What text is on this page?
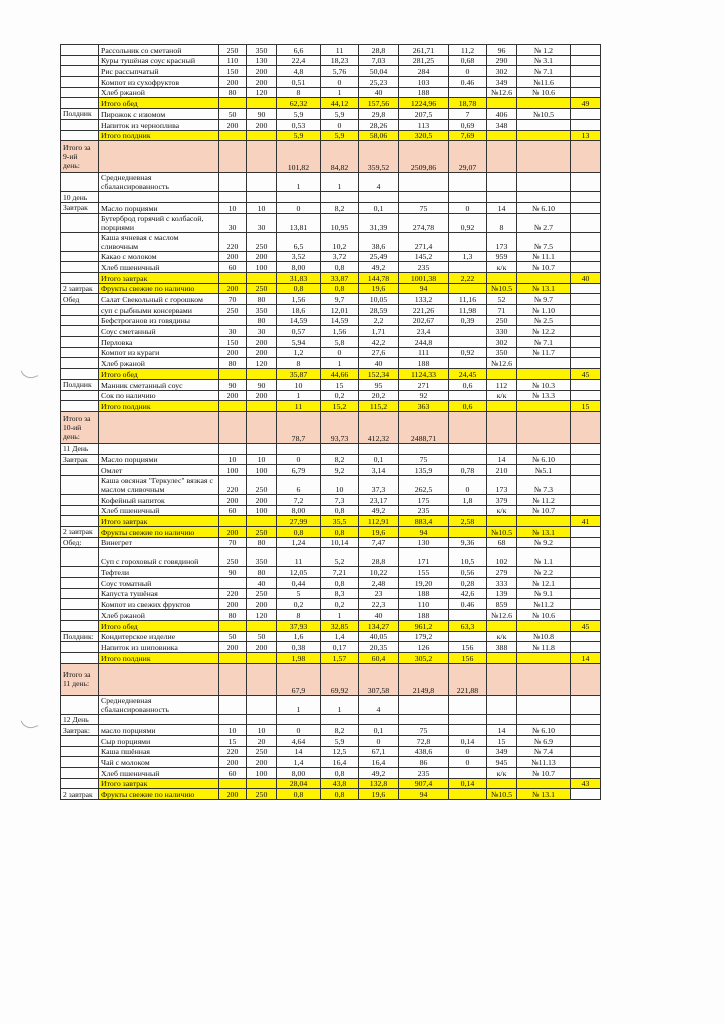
	Рассольник со сметаной	250	350	6,6	11	28,8	261,71	11,2	96	№ 1.2	
	Куры тушёная соус красный	110	130	22,4	18,23	7,03	281,25	0,68	290	№ 3.1	
	Рис рассыпчатый	150	200	4,8	5,76	50,04	284	0	302	№ 7.1	
	Компот из сухофруктов	200	200	0,51	0	25,23	103	0.46	349	№11.6	
	Хлеб ржаной	80	120	8	1	40	188		№12.6	№ 10.6	
	Итого обед			62,32	44,12	157,56	1224,96	18,78			49
Полдник	Пирожок с изюмом	50	90	5,9	5,9	29,8	207,5	7	406	№10.5	
	Напиток из черноплива	200	200	0,53	0	28,26	113	0,69	348		
	Итого полдник			5,9	5,9	58,06	320,5	7,69			13
Итого за 9-ий день:				101,82	84,82	359,52	2509,86	29,07			
	Среднедневная сбалансированность			1	1	4					
10 день											
Завтрак	Масло порциями	10	10	0	8,2	0,1	75	0	14	№ 6.10	
	Бутерброд горячий с колбасой, порциями	30	30	13,81	10,95	31,39	274,78	0,92	8	№ 2.7	
	Каша ячневая с маслом сливочным	220	250	6,5	10,2	38,6	271,4		173	№ 7.5	
	Какао с молоком	200	200	3,52	3,72	25,49	145,2	1,3	959	№ 11.1	
	Хлеб пшеничный	60	100	8,00	0,8	49,2	235		к/к	№ 10.7	
	Итого завтрак			31,83	33,87	144,78	1001,38	2,22			40
2 завтрак	Фрукты свежие по наличию	200	250	0,8	0,8	19,6	94		№10.5	№ 13.1	
Обед	Салат Свекольный с горошком	70	80	1,56	9,7	10,05	133,2	11,16	52	№ 9.7	
	суп с рыбными консервами	250	350	18,6	12,01	28,59	221,26	11,98	71	№ 1.10	
	Бефстроганов из говядины		80	14,59	14,59	2,2	202,67	0,39	250	№ 2.5	
	Соус сметанный	30	30	0,57	1,56	1,71	23,4		330	№ 12.2	
	Перловка	150	200	5,94	5,8	42,2	244,8		302	№ 7.1	
	Компот из кураги	200	200	1,2	0	27,6	111	0,92	350	№ 11.7	
	Хлеб ржаной	80	120	8	1	40	188		№12.6		
	Итого обед			35,87	44,66	152,34	1124,33	24,45			45
Полдник	Манник сметанный соус	90	90	10	15	95	271	0,6	112	№ 10.3	
	Сок по наличию	200	200	1	0,2	20,2	92		к/к	№ 13.3	
	Итого полдник			11	15,2	115,2	363	0,6			15
Итого за 10-ий день:				78,7	93,73	412,32	2488,71				
11 День											
Завтрак	Масло порциями	10	10	0	8,2	0,1	75		14	№ 6.10	
	Омлет	100	100	6,79	9,2	3,14	135,9	0,78	210	№5.1	
	Каша овсяная "Геркулес" вязкая с маслом сливочным	220	250	6	10	37,3	262,5	0	173	№ 7.3	
	Кофейный напиток	200	200	7,2	7,3	23,17	175	1,8	379	№ 11.2	
	Хлеб пшеничный	60	100	8,00	0,8	49,2	235		к/к	№ 10.7	
	Итого завтрак			27,99	35,5	112,91	883,4	2,58			41
2 завтрак	Фрукты свежие по наличию	200	250	0,8	0,8	19,6	94		№10.5	№ 13.1	
Обед:	Винегрет	70	80	1,24	10,14	7,47	130	9,36	68	№ 9.2	
	Суп с гороховый с говядиной	250	350	11	5,2	28,8	171	10,5	102	№ 1.1	
	Тефтели	90	80	12,05	7,21	10,22	155	0,56	279	№ 2.2	
	Соус томатный		40	0,44	0,8	2,48	19,20	0,28	333	№ 12.1	
	Капуста тушёная	220	250	5	8,3	23	188	42,6	139	№ 9.1	
	Компот из свежих фруктов	200	200	0,2	0,2	22,3	110	0.46	859	№11.2	
	Хлеб ржаной	80	120	8	1	40	188		№12.6	№ 10.6	
	Итого обед			37,93	32,85	134,27	961,2	63,3			45
Полдник:	Кондитерское изделие	50	50	1,6	1,4	40,05	179,2		к/к	№10.8	
	Напиток из шиповника	200	200	0,38	0,17	20,35	126	156	388	№ 11.8	
	Итого полдник			1,98	1,57	60,4	305,2	156			14
Итого за 11 день:				67,9	69,92	307,58	2149,8	221,88			
	Среднедневная сбалансированность			1	1	4					
12 День											
Завтрак:	масло порциями	10	10	0	8,2	0,1	75		14	№ 6.10	
	Сыр порциями	15	20	4,64	5,9	0	72,8	0,14	15	№ 6.9	
	Каша пшённая	220	250	14	12,5	67,1	438,6	0	349	№ 7.4	
	Чай с молоком	200	200	1,4	16,4	16,4	86	0	945	№11.13	
	Хлеб пшеничный	60	100	8,00	0,8	49,2	235		к/к	№ 10.7	
	Итого завтрак			28,04	43,8	132,8	907,4	0,14			43
2 завтрак	Фрукты свежие по наличию	200	250	0,8	0,8	19,6	94		№10.5	№ 13.1	
